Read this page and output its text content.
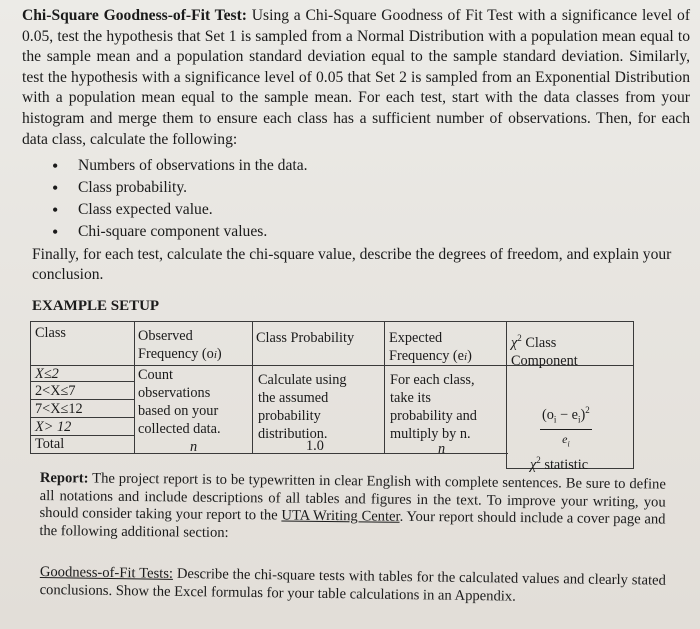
Chi-Square Goodness-of-Fit Test: Using a Chi-Square Goodness of Fit Test with a significance level of 0.05, test the hypothesis that Set 1 is sampled from a Normal Distribution with a population mean equal to the sample mean and a population standard deviation equal to the sample standard deviation. Similarly, test the hypothesis with a significance level of 0.05 that Set 2 is sampled from an Exponential Distribution with a population mean equal to the sample mean. For each test, start with the data classes from your histogram and merge them to ensure each class has a sufficient number of observations. Then, for each data class, calculate the following:
• Numbers of observations in the data.
• Class probability.
• Class expected value.
• Chi-square component values.
Finally, for each test, calculate the chi-square value, describe the degrees of freedom, and explain your conclusion.
EXAMPLE SETUP
Class	Observed
Frequency (oi)
Class Probability Expected
Frequency (ei)
$\chi^2$ Class
Component
X≤2
2<X≤7
7<X≤12
X> 12
Total
Count
observations
based on your
collected data.
n
Calculate using
the assumed
probability
distribution.
1.0
For each class,
take its
probability and
multiply by n.
n	$\frac{(o_i - e_i)^2}{e_i}$
$\chi^2$ statistic
Report: The project report is to be typewritten in clear English with complete sentences. Be sure to define all notations and include descriptions of all tables and figures in the text. To improve your writing, you should consider taking your report to the UTA Writing Center. Your report should include a cover page and the following additional section:
Goodness-of-Fit Tests: Describe the chi-square tests with tables for the calculated values and clearly stated conclusions. Show the Excel formulas for your table calculations in an Appendix.
